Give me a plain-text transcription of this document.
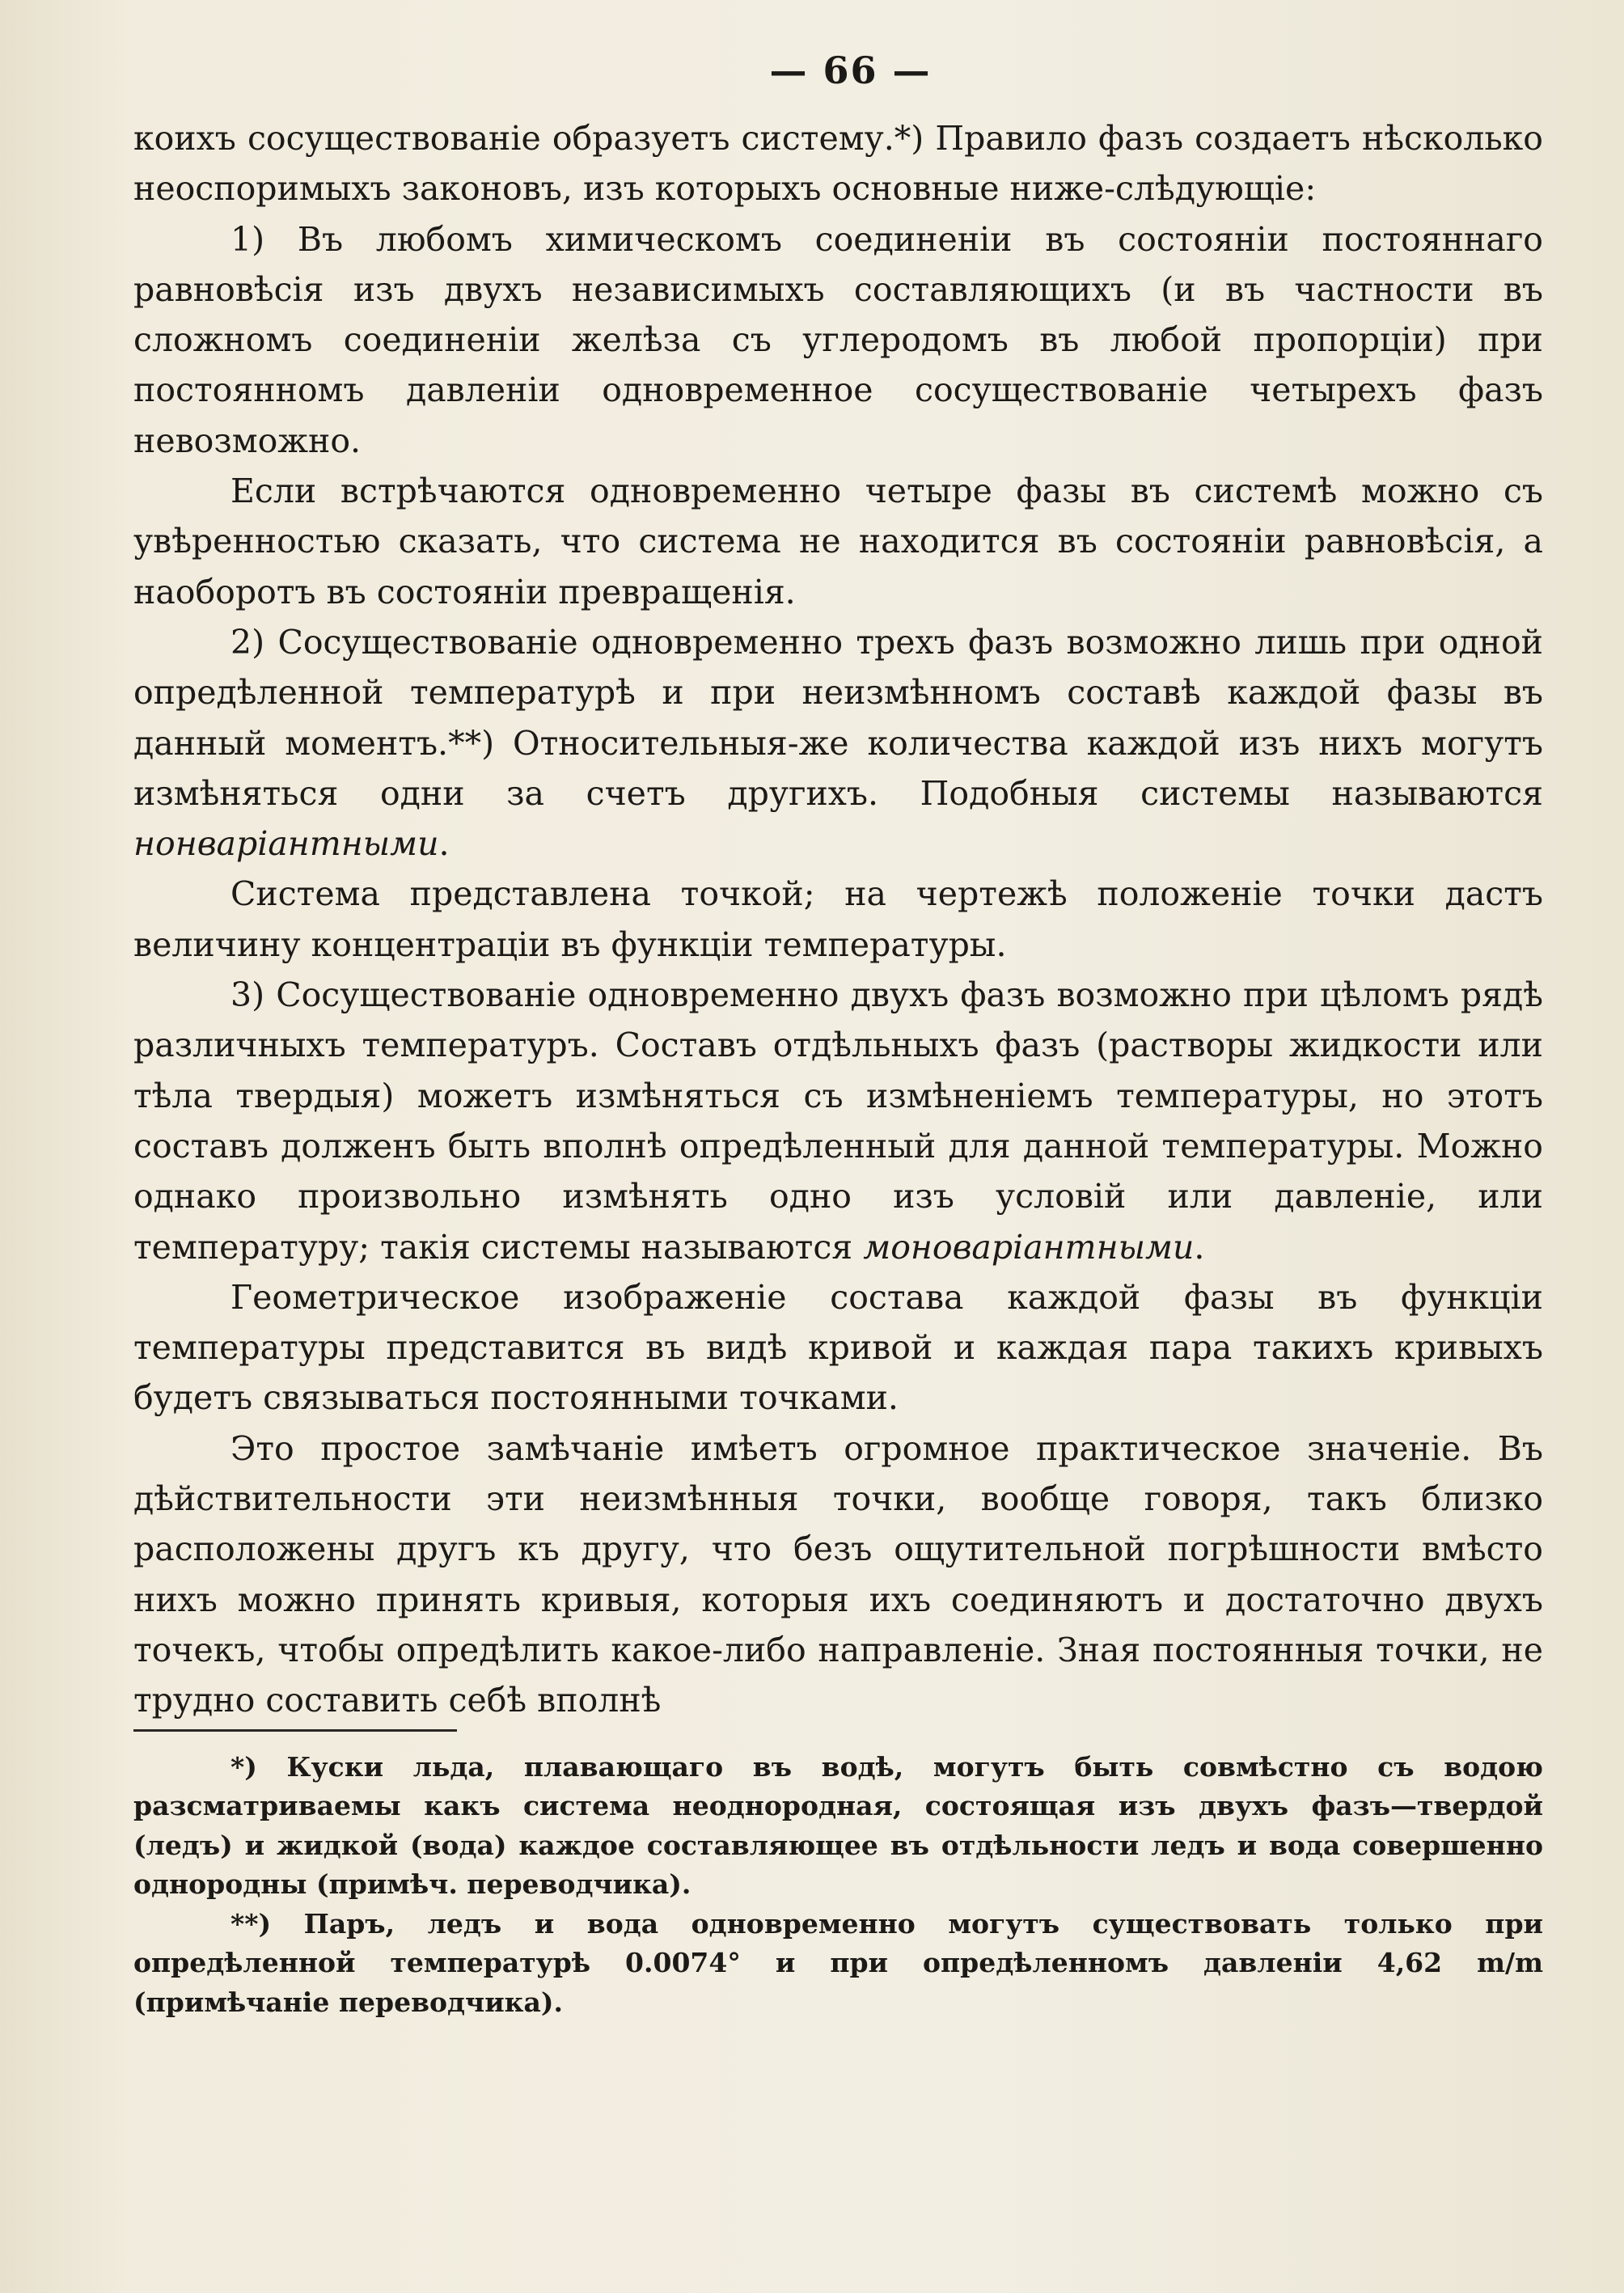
— 66 —

коихъ сосуществованіе образуетъ систему.*) Правило фазъ создаетъ нѣсколько неоспоримыхъ законовъ, изъ которыхъ основные ниже-слѣдующіе:

1) Въ любомъ химическомъ соединеніи въ состояніи постояннаго равновѣсія изъ двухъ независимыхъ составляющихъ (и въ частности въ сложномъ соединеніи желѣза съ углеродомъ въ любой пропорціи) при постоянномъ давленіи одновременное сосуществованіе четырехъ фазъ невозможно.

Если встрѣчаются одновременно четыре фазы въ системѣ можно съ увѣренностью сказать, что система не находится въ состояніи равновѣсія, а наоборотъ въ состояніи превращенія.

2) Сосуществованіе одновременно трехъ фазъ возможно лишь при одной опредѣленной температурѣ и при неизмѣнномъ составѣ каждой фазы въ данный моментъ.**) Относительныя-же количества каждой изъ нихъ могутъ измѣняться одни за счетъ другихъ. Подобныя системы называются нонваріантными.

Система представлена точкой; на чертежѣ положеніе точки дастъ величину концентраціи въ функціи температуры.

3) Сосуществованіе одновременно двухъ фазъ возможно при цѣломъ рядѣ различныхъ температуръ. Составъ отдѣльныхъ фазъ (растворы жидкости или тѣла твердыя) можетъ измѣняться съ измѣненіемъ температуры, но этотъ составъ долженъ быть вполнѣ опредѣленный для данной температуры. Можно однако произвольно измѣнять одно изъ условій или давленіе, или температуру; такія системы называются моноваріантными.

Геометрическое изображеніе состава каждой фазы въ функціи температуры представится въ видѣ кривой и каждая пара такихъ кривыхъ будетъ связываться постоянными точками.

Это простое замѣчаніе имѣетъ огромное практическое значеніе. Въ дѣйствительности эти неизмѣнныя точки, вообще говоря, такъ близко расположены другъ къ другу, что безъ ощутительной погрѣшности вмѣсто нихъ можно принять кривыя, которыя ихъ соединяютъ и достаточно двухъ точекъ, чтобы опредѣлить какое-либо направленіе. Зная постоянныя точки, не трудно составить себѣ вполнѣ

*) Куски льда, плавающаго въ водѣ, могутъ быть совмѣстно съ водою разсматриваемы какъ система неоднородная, состоящая изъ двухъ фазъ—твердой (ледъ) и жидкой (вода) каждое составляющее въ отдѣльности ледъ и вода совершенно однородны (примѣч. переводчика).

**) Паръ, ледъ и вода одновременно могутъ существовать только при опредѣленной температурѣ 0.0074° и при опредѣленномъ давленіи 4,62 m/m (примѣчаніе переводчика).
